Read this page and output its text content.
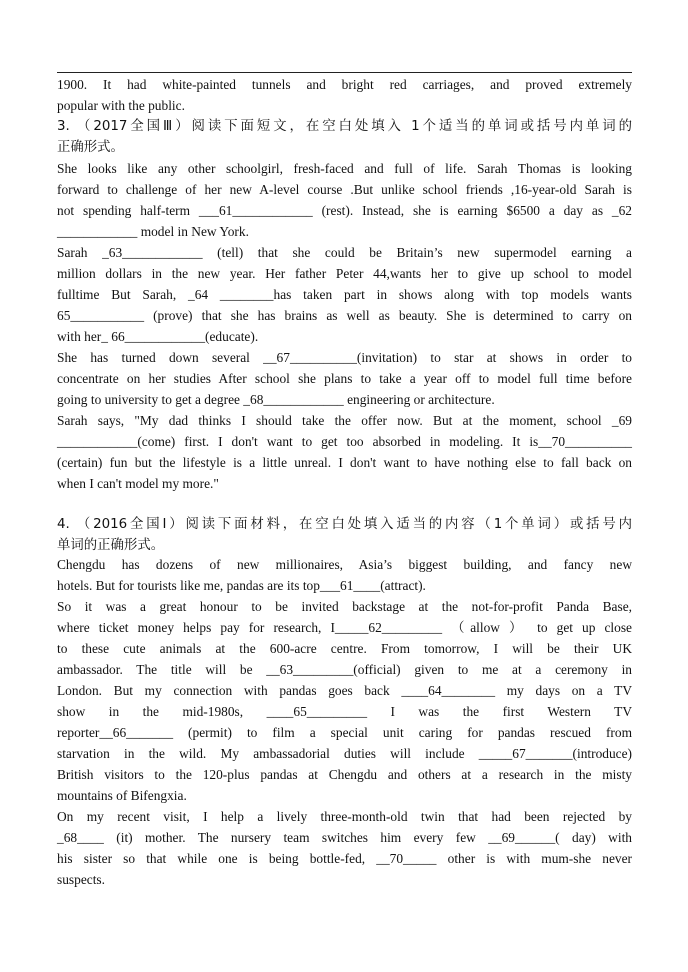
1900. It had white-painted tunnels and bright red carriages, and proved extremely
popular with the public.
3. （2017全国Ⅲ）阅读下面短文，在空白处填入 1个适当的单词或括号内单词的
正确形式。
She looks like any other schoolgirl, fresh-faced and full of life. Sarah Thomas is looking
forward to challenge of her new A-level course .But unlike school friends ,16-year-old Sarah is
not spending half-term ___61____________ (rest). Instead, she is earning $6500 a day as _62
____________ model in New York.
Sarah _63____________ (tell) that she could be Britain’s new supermodel earning a
million dollars in the new year. Her father Peter 44,wants her to give up school to model
fulltime But Sarah, _64 ________has taken part in shows along with top models wants
65___________ (prove) that she has brains as well as beauty. She is determined to carry on
with her_ 66____________(educate).
She has turned down several __67__________(invitation) to star at shows in order to
concentrate on her studies After school she plans to take a year off to model full time before
going to university to get a degree _68____________ engineering or architecture.
Sarah says, "My dad thinks I should take the offer now. But at the moment, school _69
____________(come) first. I don't want to get too absorbed in modeling. It is__70__________
(certain) fun but the lifestyle is a little unreal. I don't want to have nothing else to fall back on
when I can't model my more."
4. （2016全国Ⅰ）阅读下面材料，在空白处填入适当的内容（1个单词）或括号内
单词的正确形式。
Chengdu has dozens of new millionaires, Asia’s biggest building, and fancy new
hotels. But for tourists like me, pandas are its top___61____(attract).
So it was a great honour to be invited backstage at the not-for-profit Panda Base,
where ticket money helps pay for research, I_____62_________ （allow ） to get up close
to these cute animals at the 600-acre centre. From tomorrow, I will be their UK
ambassador. The title will be __63_________(official) given to me at a ceremony in
London. But my connection with pandas goes back ____64________ my days on a TV
show in the mid-1980s, ____65_________ I was the first Western TV
reporter__66_______ (permit) to film a special unit caring for pandas rescued from
starvation in the wild. My ambassadorial duties will include _____67_______(introduce)
British visitors to the 120-plus pandas at Chengdu and others at a research in the misty
mountains of Bifengxia.
On my recent visit, I help a lively three-month-old twin that had been rejected by
_68____ (it) mother. The nursery team switches him every few __69______( day) with
his sister so that while one is being bottle-fed, __70_____ other is with mum-she never
suspects.
